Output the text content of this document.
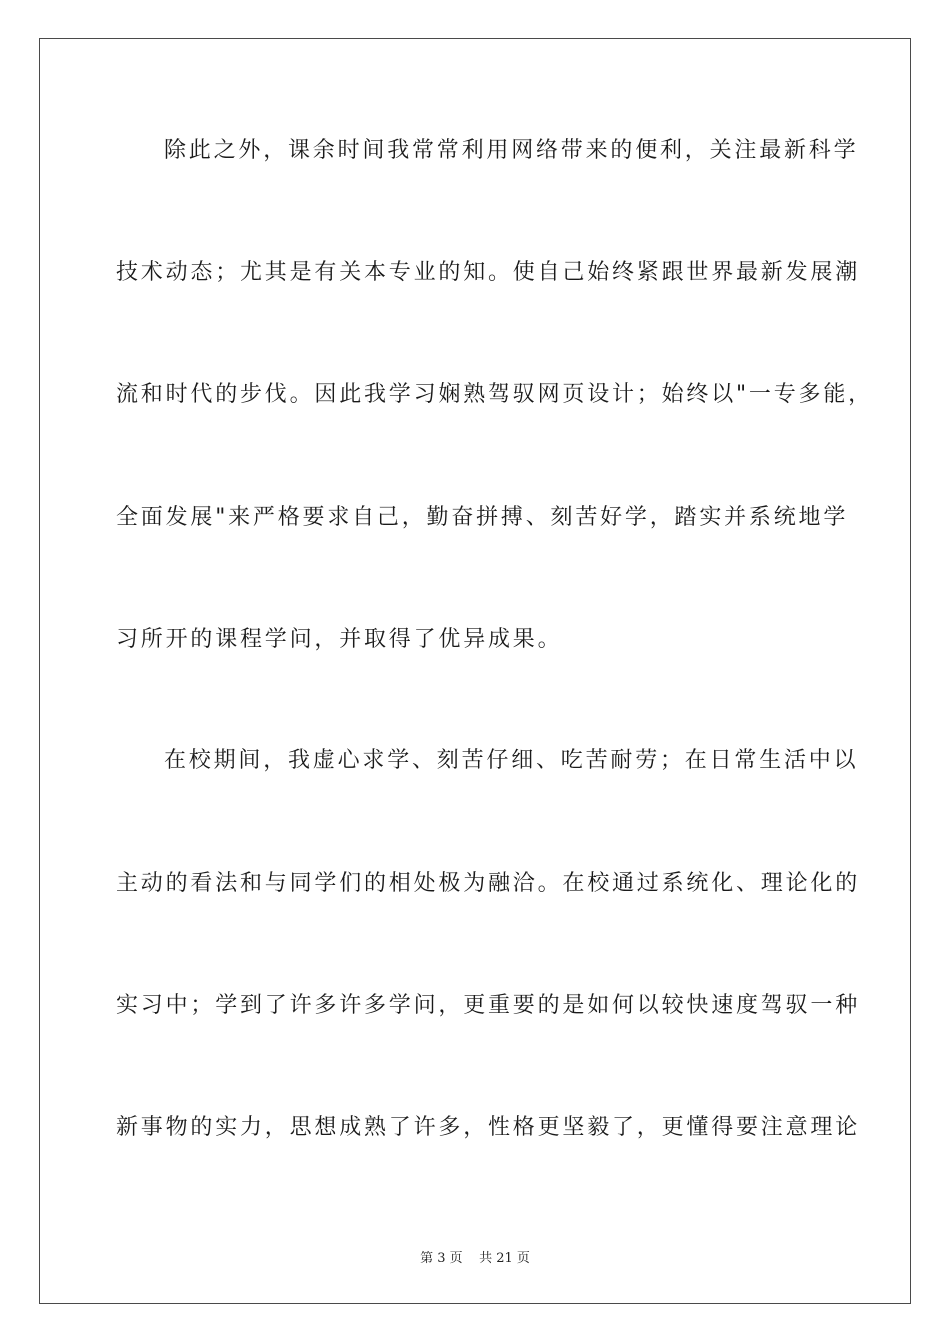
除此之外，课余时间我常常利用网络带来的便利，关注最新科学
技术动态；尤其是有关本专业的知。使自己始终紧跟世界最新发展潮
流和时代的步伐。因此我学习娴熟驾驭网页设计；始终以"一专多能，
全面发展"来严格要求自己，勤奋拼搏、刻苦好学，踏实并系统地学
习所开的课程学问，并取得了优异成果。
在校期间，我虚心求学、刻苦仔细、吃苦耐劳；在日常生活中以
主动的看法和与同学们的相处极为融洽。在校通过系统化、理论化的
实习中；学到了许多许多学问，更重要的是如何以较快速度驾驭一种
新事物的实力，思想成熟了许多，性格更坚毅了，更懂得要注意理论
第 3 页    共 21 页
